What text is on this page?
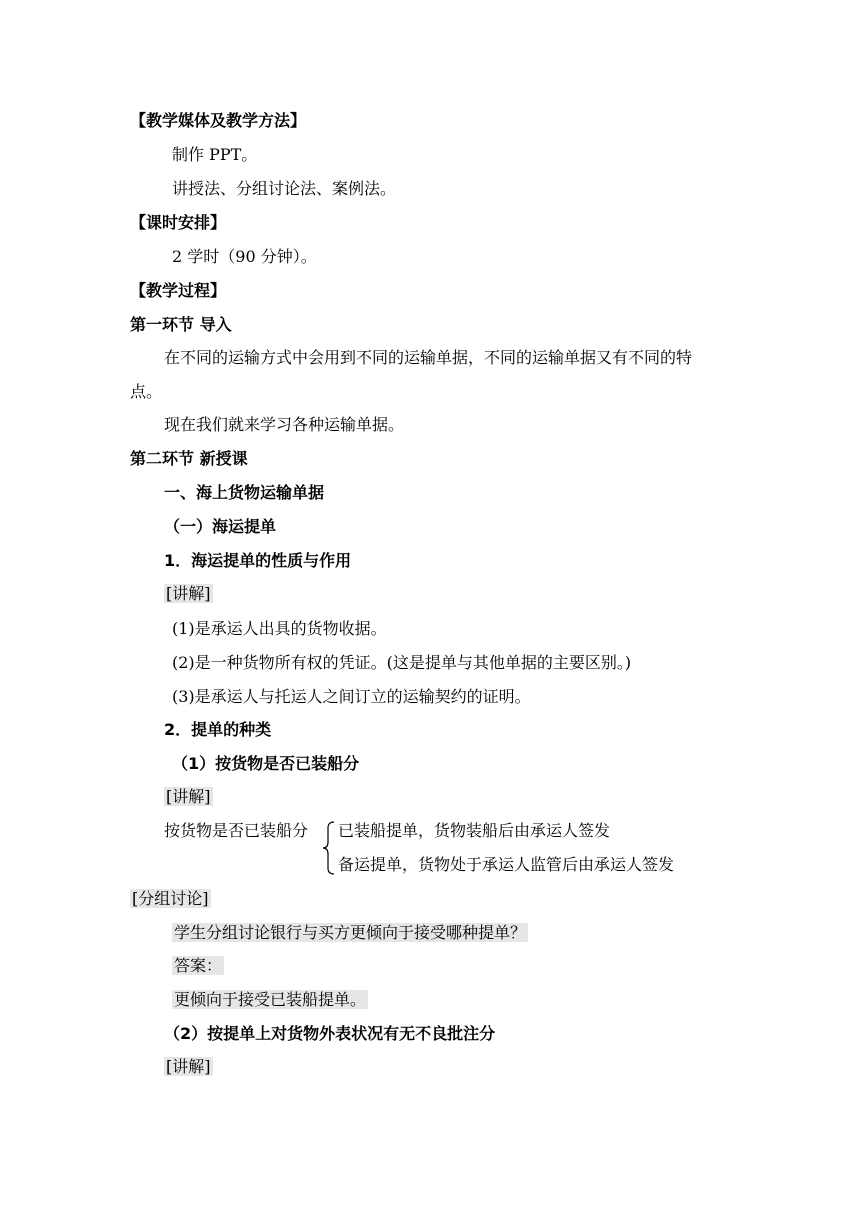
【教学媒体及教学方法】
制作 PPT。
讲授法、分组讨论法、案例法。
【课时安排】
2 学时（90 分钟）。
【教学过程】
第一环节 导入
在不同的运输方式中会用到不同的运输单据，不同的运输单据又有不同的特
点。
现在我们就来学习各种运输单据。
第二环节 新授课
一、海上货物运输单据
（一）海运提单
1．海运提单的性质与作用
[讲解]
(1)是承运人出具的货物收据。
(2)是一种货物所有权的凭证。(这是提单与其他单据的主要区别。)
(3)是承运人与托运人之间订立的运输契约的证明。
2．提单的种类
（1）按货物是否已装船分
[讲解]
按货物是否已装船分 已装船提单，货物装船后由承运人签发
备运提单，货物处于承运人监管后由承运人签发
[分组讨论]
学生分组讨论银行与买方更倾向于接受哪种提单？
答案：
更倾向于接受已装船提单。
（2）按提单上对货物外表状况有无不良批注分
[讲解]
